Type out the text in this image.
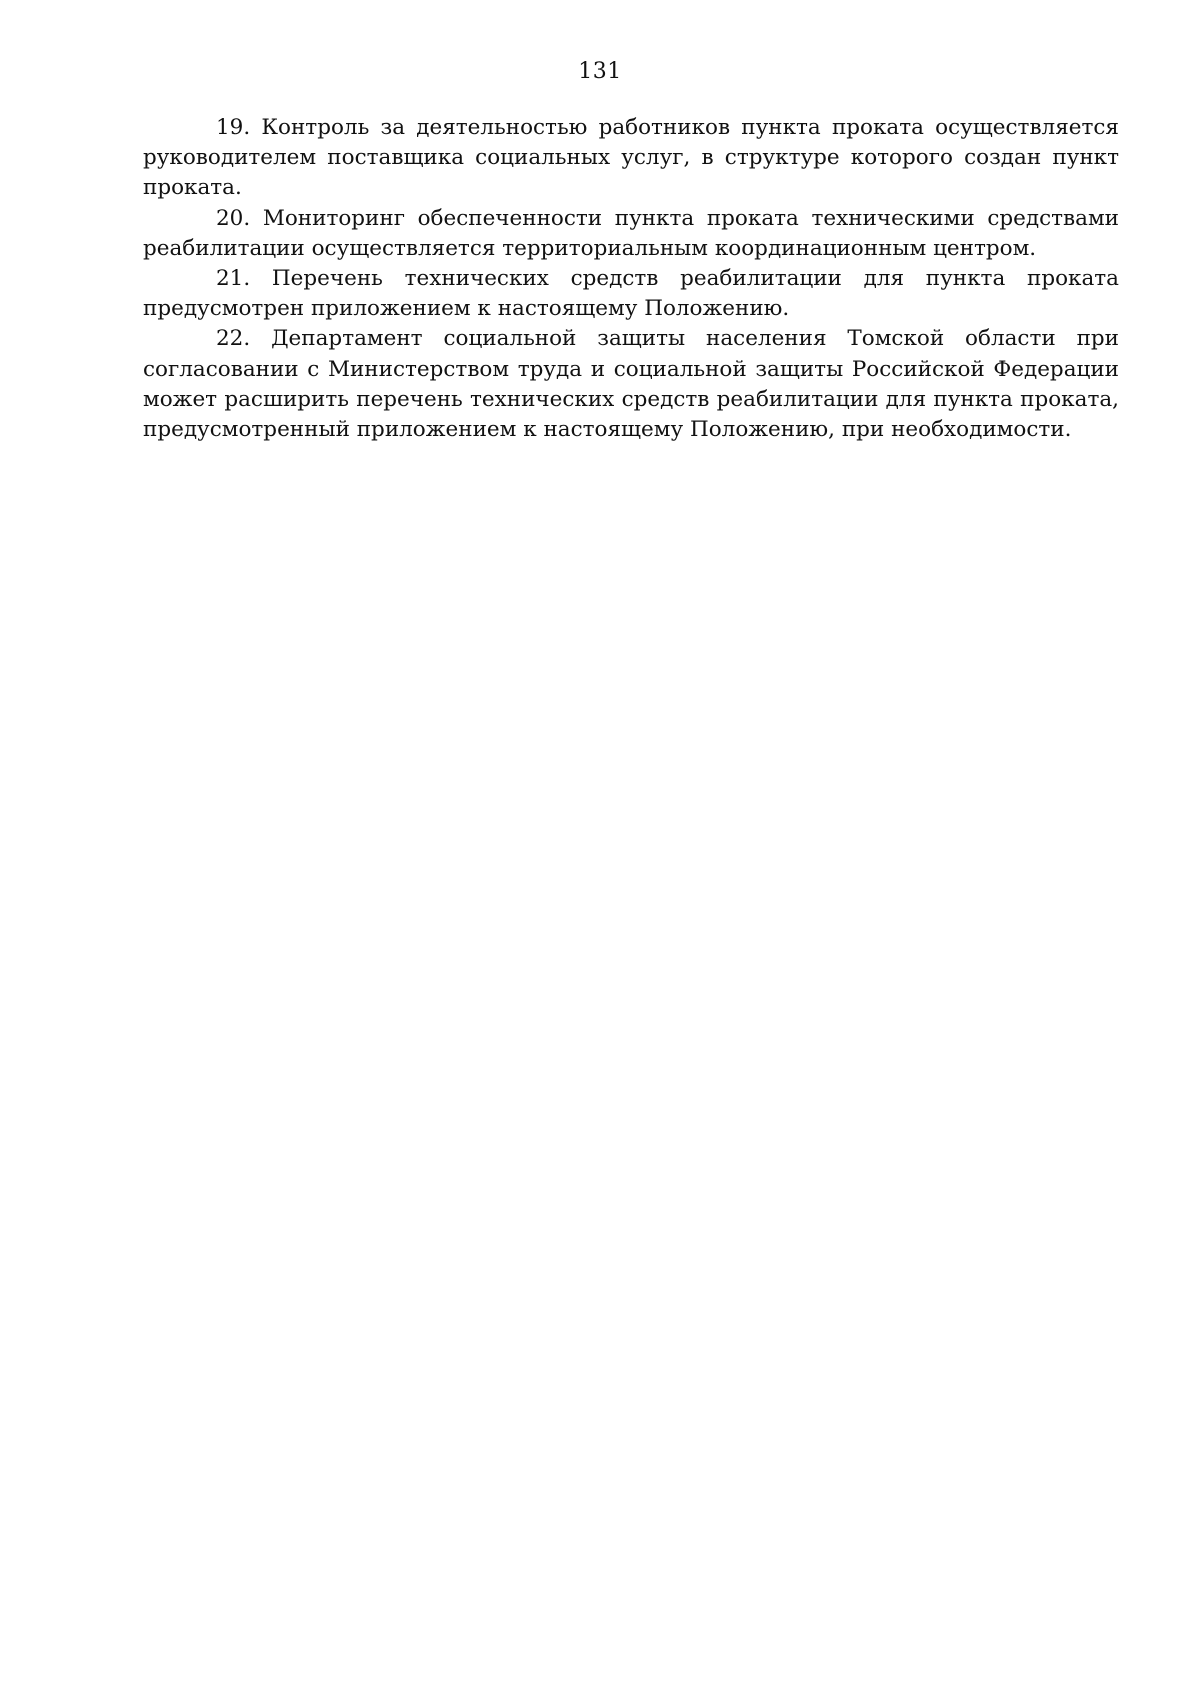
131

19. Контроль за деятельностью работников пункта проката осуществляется руководителем поставщика социальных услуг, в структуре которого создан пункт проката.

20. Мониторинг обеспеченности пункта проката техническими средствами реабилитации осуществляется территориальным координационным центром.

21. Перечень технических средств реабилитации для пункта проката предусмотрен приложением к настоящему Положению.

22. Департамент социальной защиты населения Томской области при согласовании с Министерством труда и социальной защиты Российской Федерации может расширить перечень технических средств реабилитации для пункта проката, предусмотренный приложением к настоящему Положению, при необходимости.
